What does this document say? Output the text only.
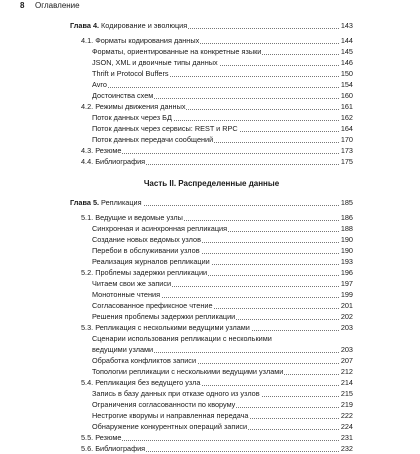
8 Оглавление
Глава 4. Кодирование и эволюция	143
4.1. Форматы кодирования данных	144
Форматы, ориентированные на конкретные языки	145
JSON, XML и двоичные типы данных	146
Thrift и Protocol Buffers	150
Avro	154
Достоинства схем	160
4.2. Режимы движения данных	161
Поток данных через БД	162
Поток данных через сервисы: REST и RPC	164
Поток данных передачи сообщений	170
4.3. Резюме	173
4.4. Библиография	175
Часть II. Распределенные данные
Глава 5. Репликация	185
5.1. Ведущие и ведомые узлы	186
Синхронная и асинхронная репликация	188
Создание новых ведомых узлов	190
Перебои в обслуживании узлов	190
Реализация журналов репликации	193
5.2. Проблемы задержки репликации	196
Читаем свои же записи	197
Монотонные чтения	199
Согласованное префиксное чтение	201
Решения проблемы задержки репликации	202
5.3. Репликация с несколькими ведущими узлами	203
Сценарии использования репликации с несколькими
ведущими узлами	203
Обработка конфликтов записи	207
Топологии репликации с несколькими ведущими узлами	212
5.4. Репликация без ведущего узла	214
Запись в базу данных при отказе одного из узлов	215
Ограничения согласованности по кворуму	219
Нестрогие кворумы и направленная передача	222
Обнаружение конкурентных операций записи	224
5.5. Резюме	231
5.6. Библиография	232
